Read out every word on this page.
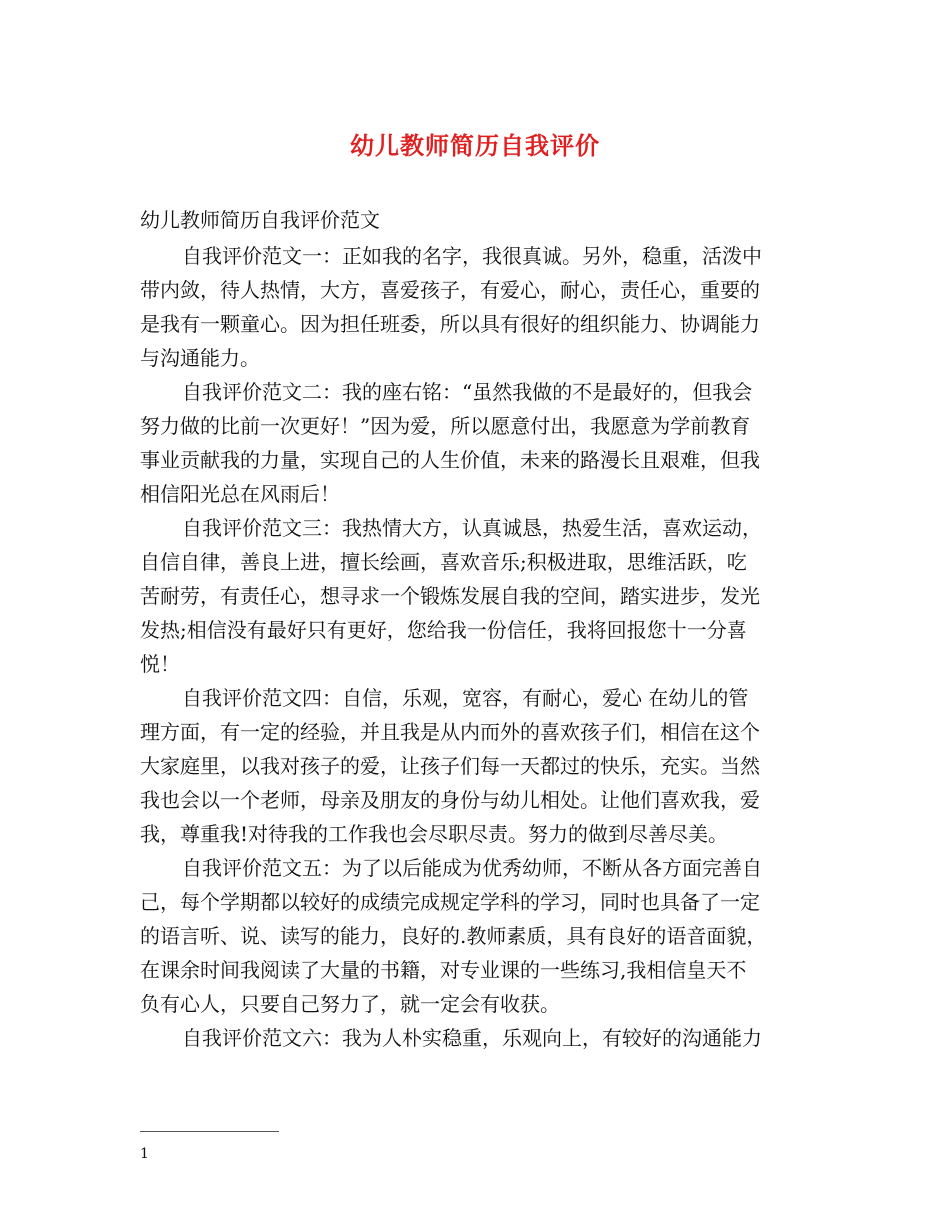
幼儿教师简历自我评价
幼儿教师简历自我评价范文
自我评价范文一：正如我的名字，我很真诚。另外，稳重，活泼中
带内敛，待人热情，大方，喜爱孩子，有爱心，耐心，责任心，重要的
是我有一颗童心。因为担任班委，所以具有很好的组织能力、协调能力
与沟通能力。
自我评价范文二：我的座右铭：“虽然我做的不是最好的，但我会
努力做的比前一次更好！”因为爱，所以愿意付出，我愿意为学前教育
事业贡献我的力量，实现自己的人生价值，未来的路漫长且艰难，但我
相信阳光总在风雨后！
自我评价范文三：我热情大方，认真诚恳，热爱生活，喜欢运动，
自信自律，善良上进，擅长绘画，喜欢音乐;积极进取，思维活跃，吃
苦耐劳，有责任心，想寻求一个锻炼发展自我的空间，踏实进步，发光
发热;相信没有最好只有更好，您给我一份信任，我将回报您十一分喜
悦！
自我评价范文四：自信，乐观，宽容，有耐心，爱心 在幼儿的管
理方面，有一定的经验，并且我是从内而外的喜欢孩子们，相信在这个
大家庭里，以我对孩子的爱，让孩子们每一天都过的快乐，充实。当然
我也会以一个老师，母亲及朋友的身份与幼儿相处。让他们喜欢我，爱
我，尊重我!对待我的工作我也会尽职尽责。努力的做到尽善尽美。
自我评价范文五：为了以后能成为优秀幼师，不断从各方面完善自
己，每个学期都以较好的成绩完成规定学科的学习，同时也具备了一定
的语言听、说、读写的能力，良好的.教师素质，具有良好的语音面貌，
在课余时间我阅读了大量的书籍，对专业课的一些练习,我相信皇天不
负有心人，只要自己努力了，就一定会有收获。
自我评价范文六：我为人朴实稳重，乐观向上，有较好的沟通能力
1
